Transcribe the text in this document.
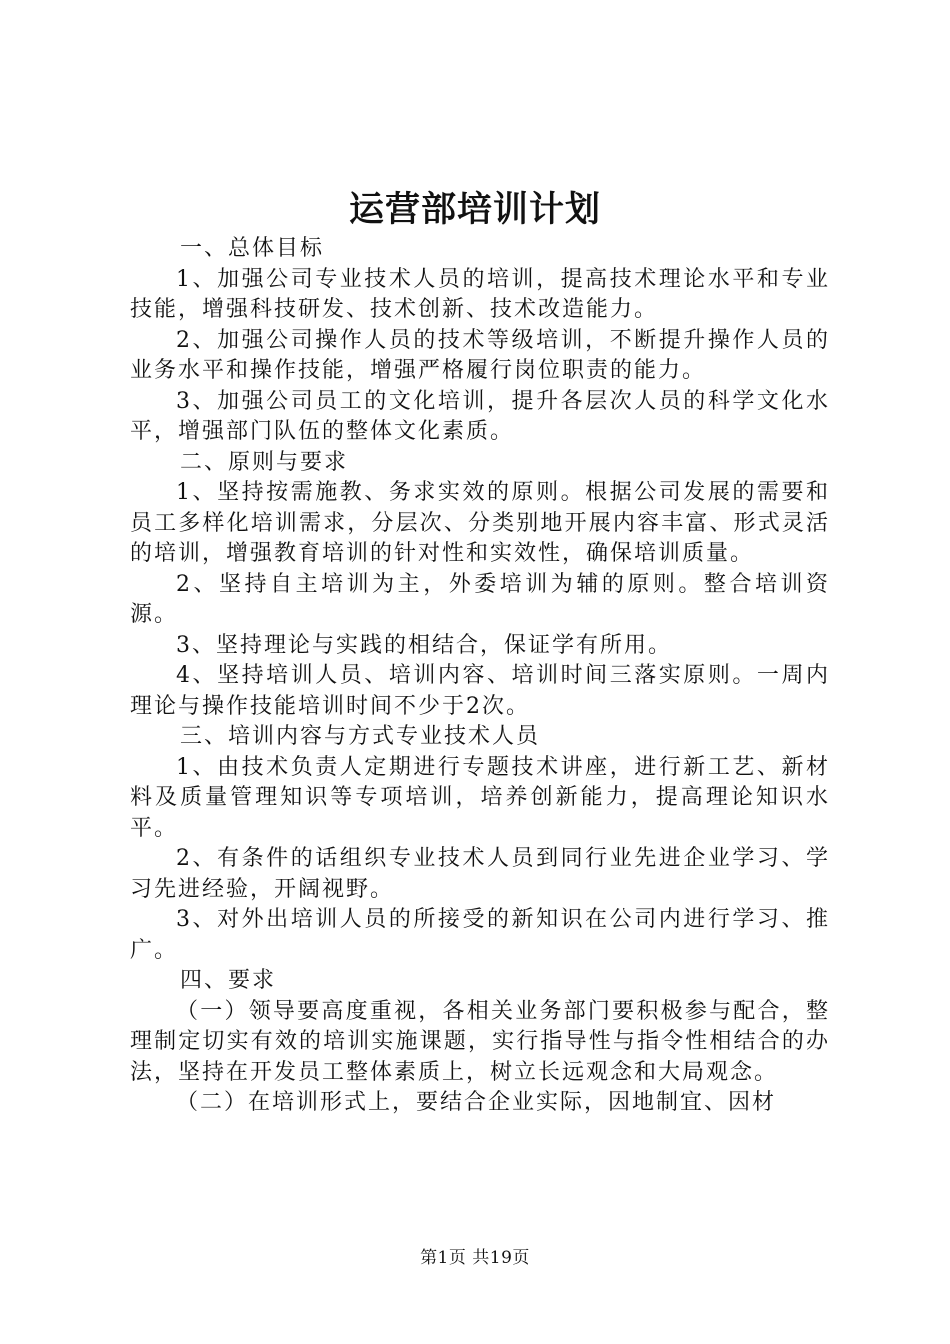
运营部培训计划

一、总体目标

1、加强公司专业技术人员的培训，提高技术理论水平和专业技能，增强科技研发、技术创新、技术改造能力。

2、加强公司操作人员的技术等级培训，不断提升操作人员的业务水平和操作技能，增强严格履行岗位职责的能力。

3、加强公司员工的文化培训，提升各层次人员的科学文化水平，增强部门队伍的整体文化素质。

二、原则与要求

1、坚持按需施教、务求实效的原则。根据公司发展的需要和员工多样化培训需求，分层次、分类别地开展内容丰富、形式灵活的培训，增强教育培训的针对性和实效性，确保培训质量。

2、坚持自主培训为主，外委培训为辅的原则。整合培训资源。

3、坚持理论与实践的相结合，保证学有所用。

4、坚持培训人员、培训内容、培训时间三落实原则。一周内理论与操作技能培训时间不少于2次。

三、培训内容与方式专业技术人员

1、由技术负责人定期进行专题技术讲座，进行新工艺、新材料及质量管理知识等专项培训，培养创新能力，提高理论知识水平。

2、有条件的话组织专业技术人员到同行业先进企业学习、学习先进经验，开阔视野。

3、对外出培训人员的所接受的新知识在公司内进行学习、推广。

四、要求

（一）领导要高度重视，各相关业务部门要积极参与配合，整理制定切实有效的培训实施课题，实行指导性与指令性相结合的办法，坚持在开发员工整体素质上，树立长远观念和大局观念。

（二）在培训形式上，要结合企业实际，因地制宜、因材

第1页 共19页
